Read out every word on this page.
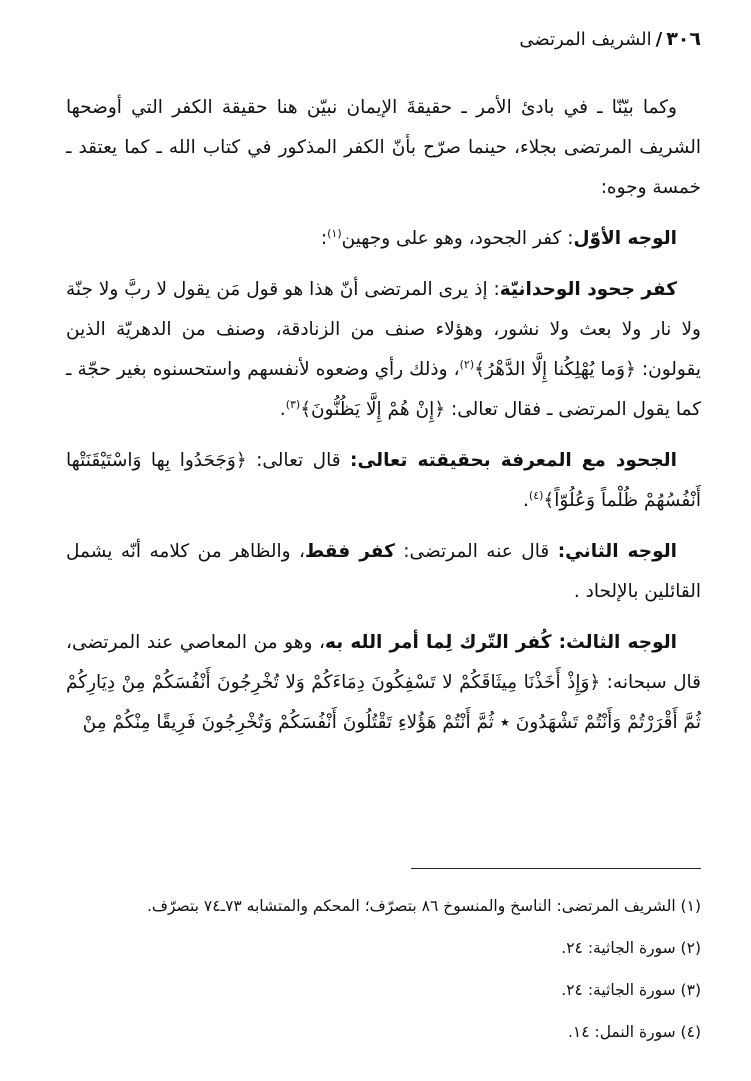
٣٠٦/الشريف المرتضى

وكما بيّنّا ـ في بادئ الأمر ـ حقيقةَ الإيمان نبيّن هنا حقيقة الكفر التي أوضحها الشريف المرتضى بجلاء، حينما صرّح بأنّ الكفر المذكور في كتاب الله ـ كما يعتقد ـ خمسة وجوه:

الوجه الأوّل: كفر الجحود، وهو على وجهين$^{(١)}$:

كفر جحود الوحدانيّة: إذ يرى المرتضى أنّ هذا هو قول مَن يقول لا ربَّ ولا جنّة ولا نار ولا بعث ولا نشور، وهؤلاء صنف من الزنادقة، وصنف من الدهريّة الذين يقولون: ﴿وَما يُهْلِكُنا إِلَّا الدَّهْرُ﴾$^{(٢)}$، وذلك رأي وضعوه لأنفسهم واستحسنوه بغير حجّة ـ كما يقول المرتضى ـ فقال تعالى: ﴿إِنْ هُمْ إِلَّا يَظُنُّونَ﴾$^{(٣)}$.

الجحود مع المعرفة بحقيقته تعالى: قال تعالى: ﴿وَجَحَدُوا بِها وَاسْتَيْقَنَتْها أَنْفُسُهُمْ ظُلْماً وَعُلُوّاً﴾$^{(٤)}$.

الوجه الثاني: قال عنه المرتضى: كفر فقط، والظاهر من كلامه أنّه يشمل القائلين بالإلحاد .

الوجه الثالث: كُفر التّرك لِما أمر الله به، وهو من المعاصي عند المرتضى، قال سبحانه: ﴿وَإِذْ أَخَذْنَا مِيثَاقَكُمْ لا تَسْفِكُونَ دِمَاءَكُمْ وَلا تُخْرِجُونَ أَنْفُسَكُمْ مِنْ دِيَارِكُمْ ثُمَّ أَقْرَرْتُمْ وَأَنْتُمْ تَشْهَدُونَ ٭ ثُمَّ أَنْتُمْ هَؤُلاءِ تَقْتُلُونَ أَنْفُسَكُمْ وَتُخْرِجُونَ فَرِيقًا مِنْكُمْ مِنْ

(١) الشريف المرتضى: الناسخ والمنسوخ ٨٦ بتصرّف؛ المحكم والمتشابه ٧٣ـ٧٤ بتصرّف.
(٢) سورة الجاثية: ٢٤.
(٣) سورة الجاثية: ٢٤.
(٤) سورة النمل: ١٤.
